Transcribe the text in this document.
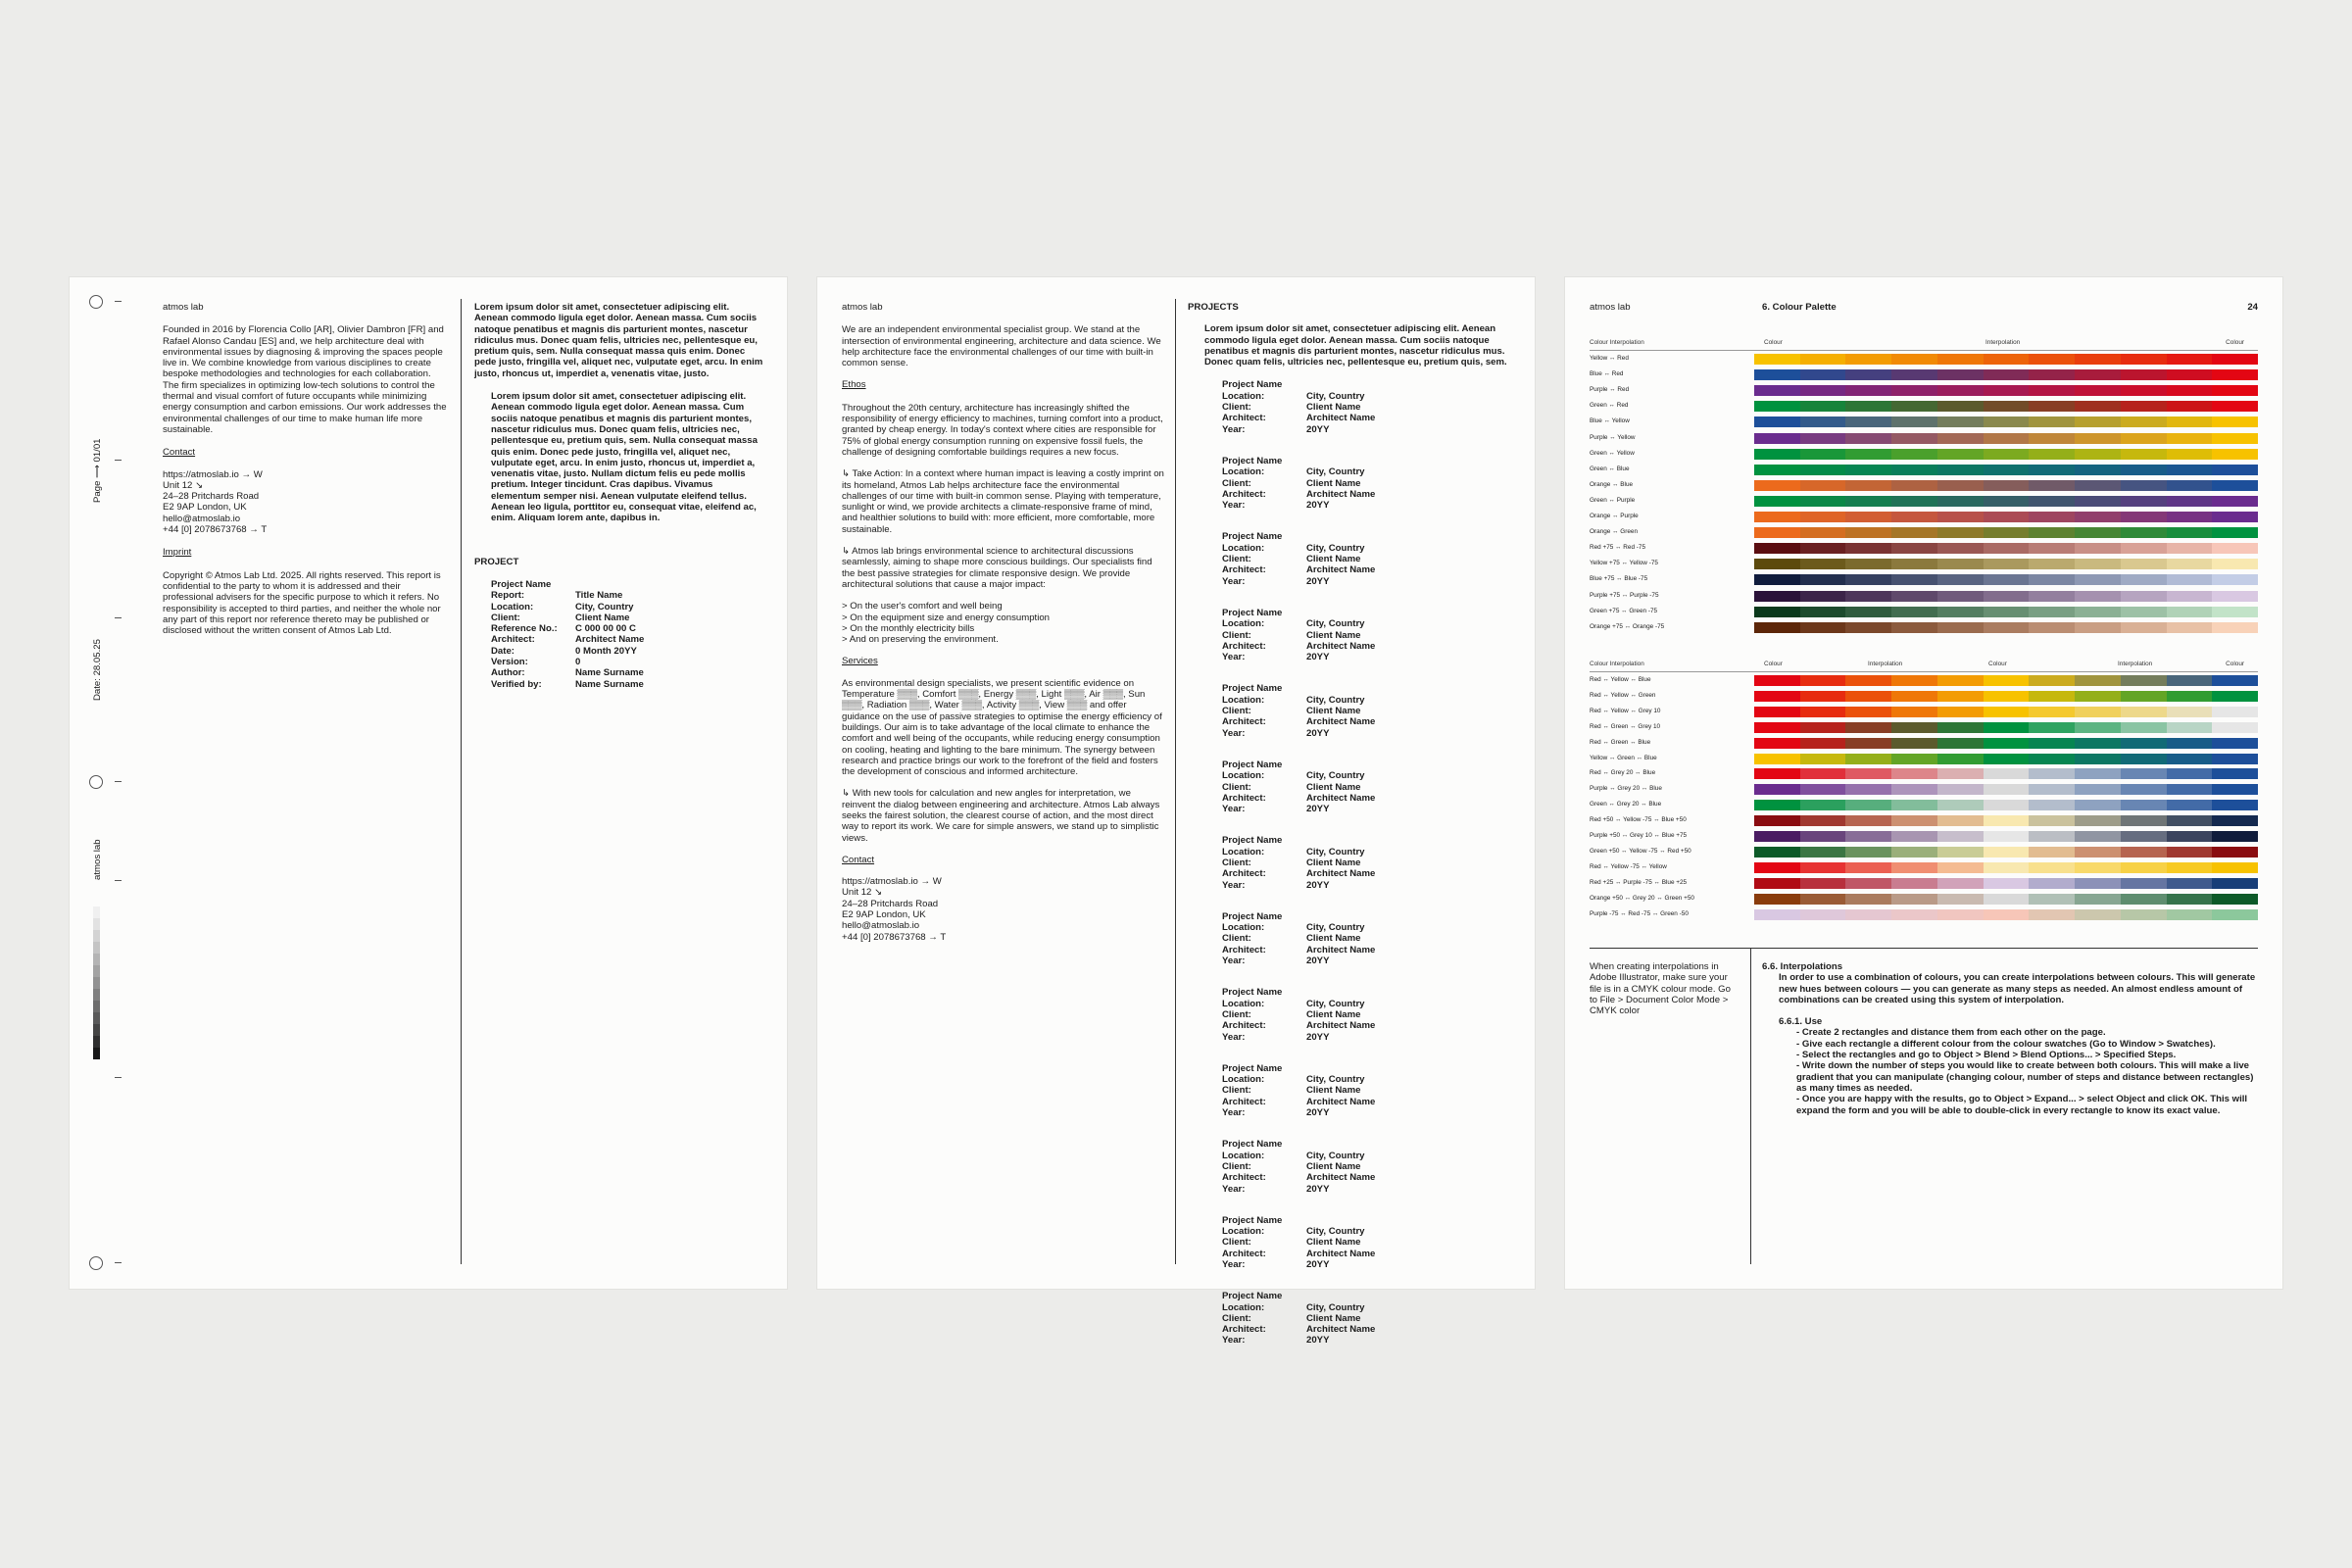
Page ⟶ 01/01
Date: 28.05.25
atmos lab
atmos lab
Founded in 2016 by Florencia Collo [AR], Olivier Dambron [FR] and Rafael Alonso Candau [ES] and, we help architecture deal with environmental issues by diagnosing & improving the spaces people live in. We combine knowledge from various disciplines to create bespoke methodologies and technologies for each collaboration.
The firm specializes in optimizing low-tech solutions to control the thermal and visual comfort of future occupants while minimizing energy consumption and carbon emissions. Our work addresses the environmental challenges of our time to make human life more sustainable.
Contact
https://atmoslab.io → W
Unit 12 ↘
24–28 Pritchards Road
E2 9AP London, UK
hello@atmoslab.io
+44 [0] 2078673768 → T
Imprint
Copyright © Atmos Lab Ltd. 2025. All rights reserved. This report is confidential to the party to whom it is addressed and their professional advisers for the specific purpose to which it refers. No responsibility is accepted to third parties, and neither the whole nor any part of this report nor reference thereto may be published or disclosed without the written consent of Atmos Lab Ltd.
Lorem ipsum dolor sit amet, consectetuer adipiscing elit. Aenean commodo ligula eget dolor. Aenean massa. Cum sociis natoque penatibus et magnis dis parturient montes, nascetur ridiculus mus. Donec quam felis, ultricies nec, pellentesque eu, pretium quis, sem. Nulla consequat massa quis enim. Donec pede justo, fringilla vel, aliquet nec, vulputate eget, arcu. In enim justo, rhoncus ut, imperdiet a, venenatis vitae, justo.
Lorem ipsum dolor sit amet, consectetuer adipiscing elit. Aenean commodo ligula eget dolor. Aenean massa. Cum sociis natoque penatibus et magnis dis parturient montes, nascetur ridiculus mus. Donec quam felis, ultricies nec, pellentesque eu, pretium quis, sem. Nulla consequat massa quis enim. Donec pede justo, fringilla vel, aliquet nec, vulputate eget, arcu. In enim justo, rhoncus ut, imperdiet a, venenatis vitae, justo. Nullam dictum felis eu pede mollis pretium. Integer tincidunt. Cras dapibus. Vivamus elementum semper nisi. Aenean vulputate eleifend tellus. Aenean leo ligula, porttitor eu, consequat vitae, eleifend ac, enim. Aliquam lorem ante, dapibus in.
PROJECT
Project Name
Report:	Title Name
Location:	City, Country
Client:	Client Name
Reference No.:	C 000 00 00 C
Architect:	Architect Name
Date:	0 Month 20YY
Version:	0
Author:	Name Surname
Verified by:	Name Surname
atmos lab
We are an independent environmental specialist group. We stand at the intersection of environmental engineering, architecture and data science. We help architecture face the environmental challenges of our time with built-in common sense.
Ethos
Throughout the 20th century, architecture has increasingly shifted the responsibility of energy efficiency to machines, turning comfort into a product, granted by cheap energy. In today's context where cities are responsible for 75% of global energy consumption running on expensive fossil fuels, the challenge of designing comfortable buildings requires a new focus.
↳ Take Action: In a context where human impact is leaving a costly imprint on its homeland, Atmos Lab helps architecture face the environmental challenges of our time with built-in common sense. Playing with temperature, sunlight or wind, we provide architects a climate-responsive frame of mind, and healthier solutions to build with: more efficient, more comfortable, more sustainable.
↳ Atmos lab brings environmental science to architectural discussions seamlessly, aiming to shape more conscious buildings. Our specialists find the best passive strategies for climate responsive design. We provide architectural solutions that cause a major impact:
> On the user's comfort and well being
> On the equipment size and energy consumption
> On the monthly electricity bills
> And on preserving the environment.
Services
As environmental design specialists, we present scientific evidence on Temperature ▒▒▒, Comfort ▒▒▒, Energy ▒▒▒, Light ▒▒▒, Air ▒▒▒, Sun ▒▒▒, Radiation ▒▒▒, Water ▒▒▒, Activity ▒▒▒, View ▒▒▒ and offer guidance on the use of passive strategies to optimise the energy efficiency of buildings. Our aim is to take advantage of the local climate to enhance the comfort and well being of the occupants, while reducing energy consumption on cooling, heating and lighting to the bare minimum. The synergy between research and practice brings our work to the forefront of the field and fosters the development of conscious and informed architecture.
↳ With new tools for calculation and new angles for interpretation, we reinvent the dialog between engineering and architecture. Atmos Lab always seeks the fairest solution, the clearest course of action, and the most direct way to report its work. We care for simple answers, we stand up to simplistic views.
Contact
https://atmoslab.io → W
Unit 12 ↘
24–28 Pritchards Road
E2 9AP London, UK
hello@atmoslab.io
+44 [0] 2078673768 → T
PROJECTS
Lorem ipsum dolor sit amet, consectetuer adipiscing elit. Aenean commodo ligula eget dolor. Aenean massa. Cum sociis natoque penatibus et magnis dis parturient montes, nascetur ridiculus mus. Donec quam felis, ultricies nec, pellentesque eu, pretium quis, sem.
Project Name
Location:	City, Country
Client:	Client Name
Architect:	Architect Name
Year:	20YY
Project Name
Location:	City, Country
Client:	Client Name
Architect:	Architect Name
Year:	20YY
Project Name
Location:	City, Country
Client:	Client Name
Architect:	Architect Name
Year:	20YY
Project Name
Location:	City, Country
Client:	Client Name
Architect:	Architect Name
Year:	20YY
Project Name
Location:	City, Country
Client:	Client Name
Architect:	Architect Name
Year:	20YY
Project Name
Location:	City, Country
Client:	Client Name
Architect:	Architect Name
Year:	20YY
Project Name
Location:	City, Country
Client:	Client Name
Architect:	Architect Name
Year:	20YY
Project Name
Location:	City, Country
Client:	Client Name
Architect:	Architect Name
Year:	20YY
Project Name
Location:	City, Country
Client:	Client Name
Architect:	Architect Name
Year:	20YY
Project Name
Location:	City, Country
Client:	Client Name
Architect:	Architect Name
Year:	20YY
Project Name
Location:	City, Country
Client:	Client Name
Architect:	Architect Name
Year:	20YY
Project Name
Location:	City, Country
Client:	Client Name
Architect:	Architect Name
Year:	20YY
Project Name
Location:	City, Country
Client:	Client Name
Architect:	Architect Name
Year:	20YY
atmos lab	6. Colour Palette	24
Colour Interpolation	Colour	Interpolation	Colour
Yellow ↔ Red
Blue ↔ Red
Purple ↔ Red
Green ↔ Red
Blue ↔ Yellow
Purple ↔ Yellow
Green ↔ Yellow
Green ↔ Blue
Orange ↔ Blue
Green ↔ Purple
Orange ↔ Purple
Orange ↔ Green
Red +75 ↔ Red -75
Yellow +75 ↔ Yellow -75
Blue +75 ↔ Blue -75
Purple +75 ↔ Purple -75
Green +75 ↔ Green -75
Orange +75 ↔ Orange -75
Colour Interpolation	Colour	Interpolation	Colour	Interpolation	Colour
Red ↔ Yellow ↔ Blue
Red ↔ Yellow ↔ Green
Red ↔ Yellow ↔ Grey 10
Red ↔ Green ↔ Grey 10
Red ↔ Green ↔ Blue
Yellow ↔ Green ↔ Blue
Red ↔ Grey 20 ↔ Blue
Purple ↔ Grey 20 ↔ Blue
Green ↔ Grey 20 ↔ Blue
Red +50 ↔ Yellow -75 ↔ Blue +50
Purple +50 ↔ Grey 10 ↔ Blue +75
Green +50 ↔ Yellow -75 ↔ Red +50
Red ↔ Yellow -75 ↔ Yellow
Red +25 ↔ Purple -75 ↔ Blue +25
Orange +50 ↔ Grey 20 ↔ Green +50
Purple -75 ↔ Red -75 ↔ Green -50
When creating interpolations in Adobe Illustrator, make sure your file is in a CMYK colour mode. Go to File > Document Color Mode > CMYK color
6.6. Interpolations
In order to use a combination of colours, you can create interpolations between colours. This will generate new hues between colours — you can generate as many steps as needed. An almost endless amount of combinations can be created using this system of interpolation.
6.6.1. Use
- Create 2 rectangles and distance them from each other on the page.
- Give each rectangle a different colour from the colour swatches (Go to Window > Swatches).
- Select the rectangles and go to Object > Blend > Blend Options... > Specified Steps.
- Write down the number of steps you would like to create between both colours. This will make a live gradient that you can manipulate (changing colour, number of steps and distance between rectangles) as many times as needed.
- Once you are happy with the results, go to Object > Expand... > select Object and click OK. This will expand the form and you will be able to double-click in every rectangle to know its exact value.
